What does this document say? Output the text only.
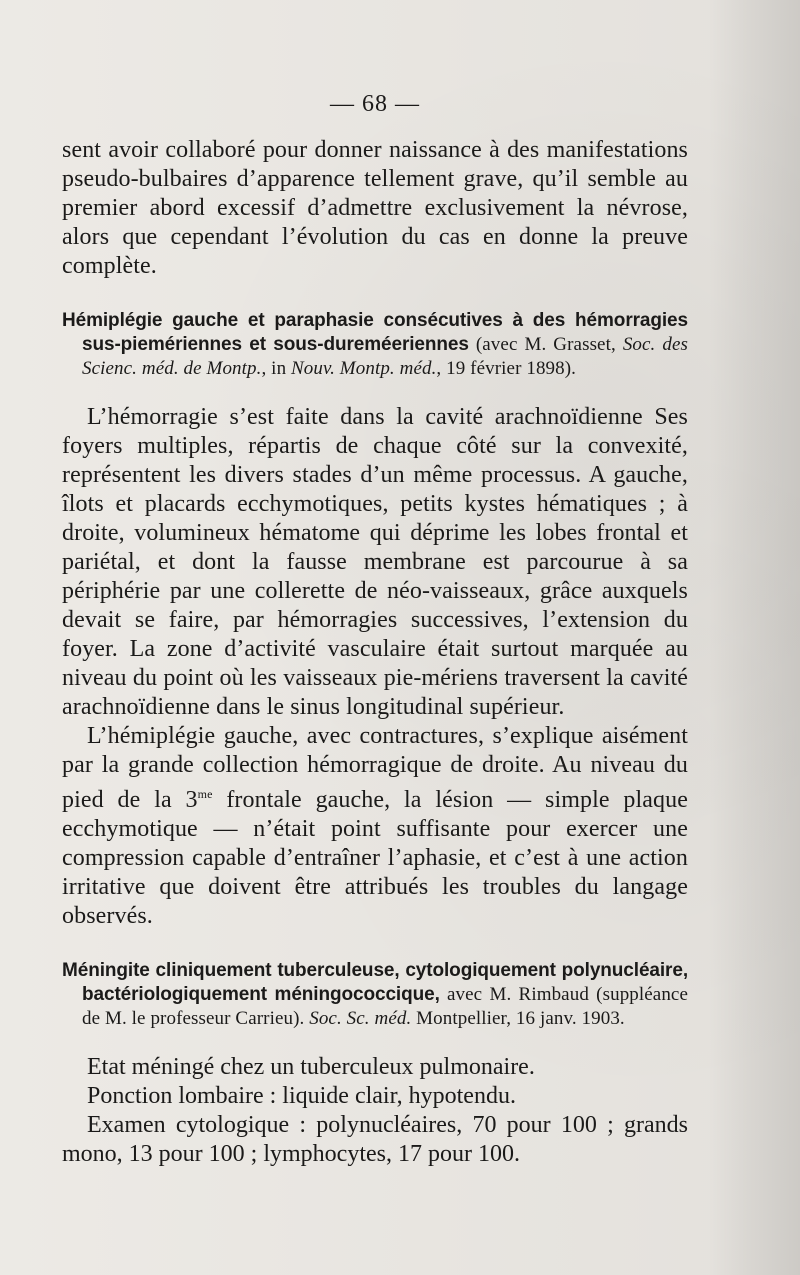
— 68 —

sent avoir collaboré pour donner naissance à des manifestations pseudo-bulbaires d’apparence tellement grave, qu’il semble au premier abord excessif d’admettre exclusivement la névrose, alors que cependant l’évolution du cas en donne la preuve complète.

Hémiplégie gauche et paraphasie consécutives à des hémorragies sus-piemériennes et sous-dureméeriennes (avec M. Grasset, Soc. des Scienc. méd. de Montp., in Nouv. Montp. méd., 19 février 1898).

L’hémorragie s’est faite dans la cavité arachnoïdienne Ses foyers multiples, répartis de chaque côté sur la convexité, représentent les divers stades d’un même processus. A gauche, îlots et placards ecchymotiques, petits kystes hématiques ; à droite, volumineux hématome qui déprime les lobes frontal et pariétal, et dont la fausse membrane est parcourue à sa périphérie par une collerette de néo-vaisseaux, grâce auxquels devait se faire, par hémorragies successives, l’extension du foyer. La zone d’activité vasculaire était surtout marquée au niveau du point où les vaisseaux pie-mériens traversent la cavité arachnoïdienne dans le sinus longitudinal supérieur.

L’hémiplégie gauche, avec contractures, s’explique aisément par la grande collection hémorragique de droite. Au niveau du pied de la $3^{me}$ frontale gauche, la lésion — simple plaque ecchymotique — n’était point suffisante pour exercer une compression capable d’entraîner l’aphasie, et c’est à une action irritative que doivent être attribués les troubles du langage observés.

Méningite cliniquement tuberculeuse, cytologiquement polynucléaire, bactériologiquement méningococcique, avec M. Rimbaud (suppléance de M. le professeur Carrieu). Soc. Sc. méd. Montpellier, 16 janv. 1903.

Etat méningé chez un tuberculeux pulmonaire.

Ponction lombaire : liquide clair, hypotendu.

Examen cytologique : polynucléaires, 70 pour 100 ; grands mono, 13 pour 100 ; lymphocytes, 17 pour 100.
